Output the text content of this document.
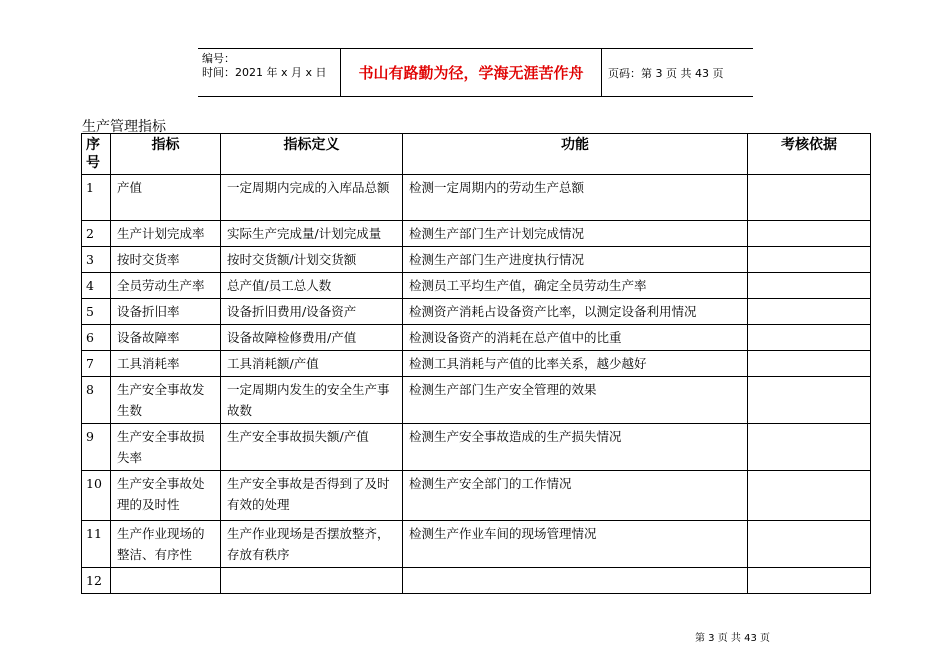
编号：
时间：2021 年 x 月 x 日	书山有路勤为径，学海无涯苦作舟	页码：第 3 页 共 43 页
生产管理指标
序号	指标	指标定义	功能	考核依据
1	产值	一定周期内完成的入库品总额	检测一定周期内的劳动生产总额	
2	生产计划完成率	实际生产完成量/计划完成量	检测生产部门生产计划完成情况	
3	按时交货率	按时交货额/计划交货额	检测生产部门生产进度执行情况	
4	全员劳动生产率	总产值/员工总人数	检测员工平均生产值，确定全员劳动生产率	
5	设备折旧率	设备折旧费用/设备资产	检测资产消耗占设备资产比率，以测定设备利用情况	
6	设备故障率	设备故障检修费用/产值	检测设备资产的消耗在总产值中的比重	
7	工具消耗率	工具消耗额/产值	检测工具消耗与产值的比率关系，越少越好	
8	生产安全事故发生数	一定周期内发生的安全生产事故数	检测生产部门生产安全管理的效果	
9	生产安全事故损失率	生产安全事故损失额/产值	检测生产安全事故造成的生产损失情况	
10	生产安全事故处理的及时性	生产安全事故是否得到了及时有效的处理	检测生产安全部门的工作情况	
11	生产作业现场的整洁、有序性	生产作业现场是否摆放整齐，存放有秩序	检测生产作业车间的现场管理情况	
12				
第 3 页 共 43 页
